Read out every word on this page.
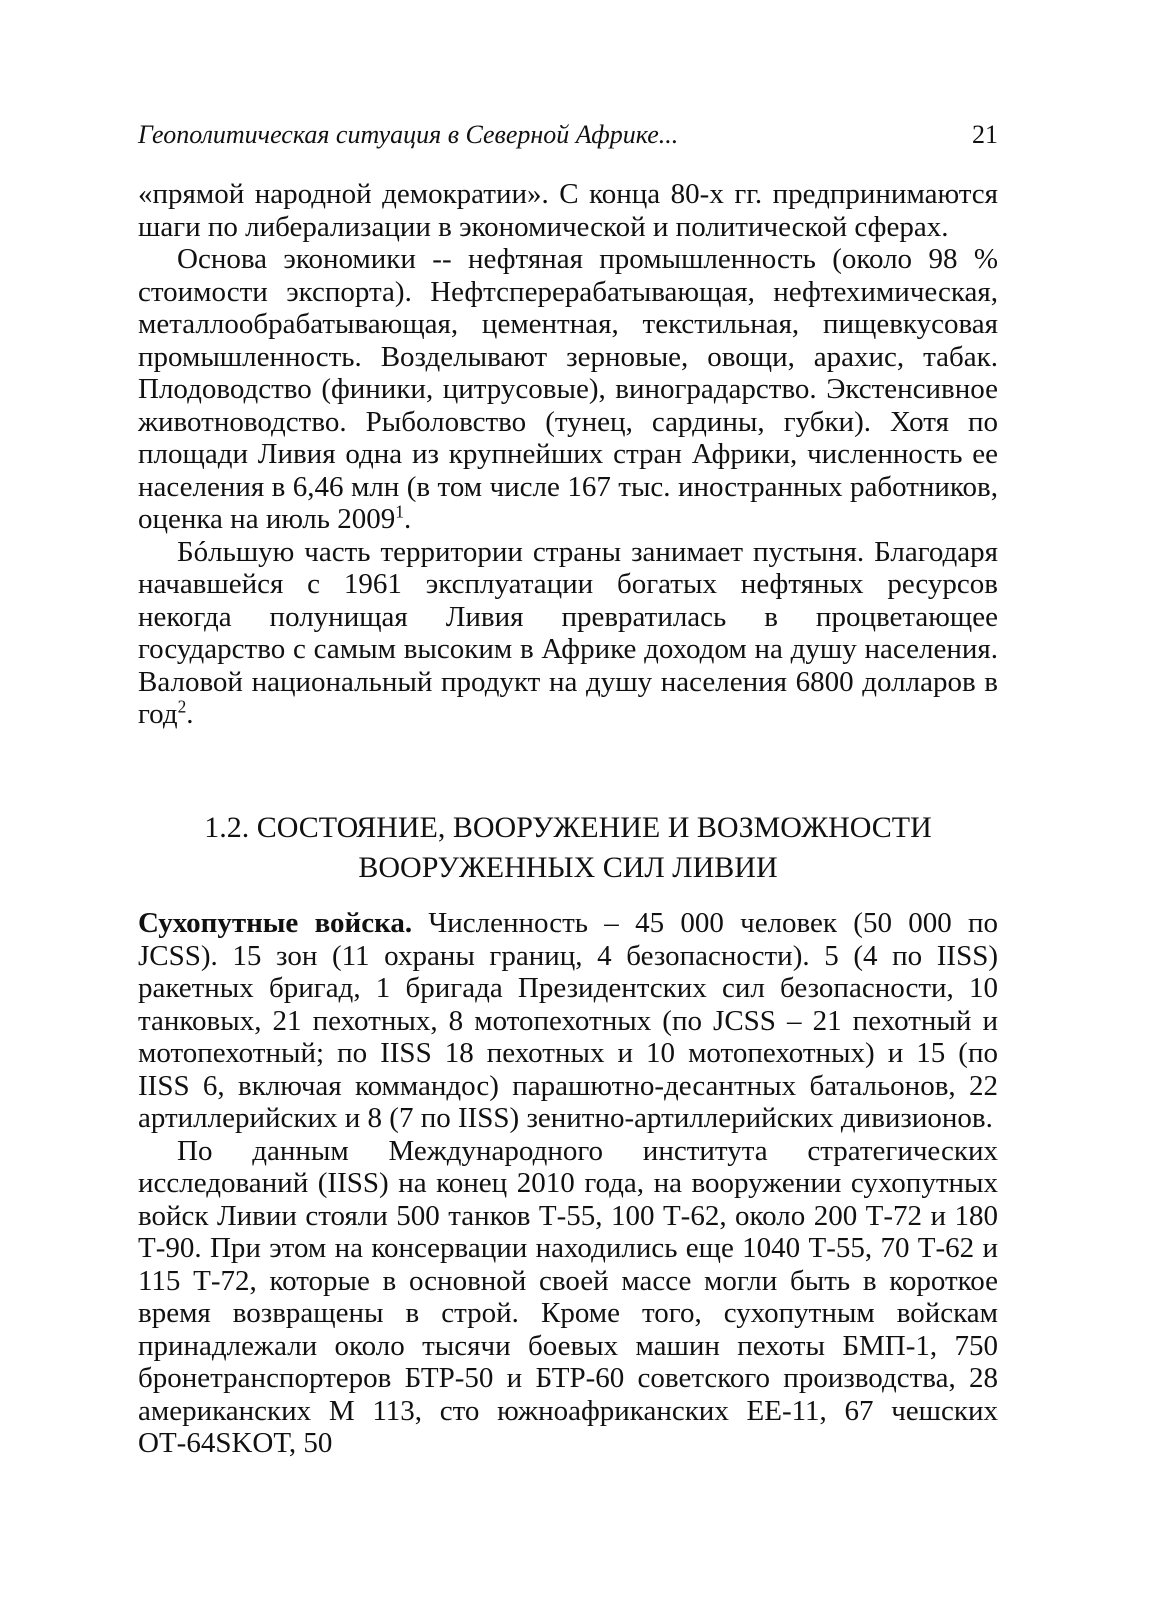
Геополитическая ситуация в Северной Африке...	21

«прямой народной демократии». С конца 80-х гг. предпринимаются шаги по либерализации в экономической и политической сферах.

Основа экономики -- нефтяная промышленность (около 98 % стоимости экспорта). Нефтсперерабатывающая, нефтехимическая, металлообрабатывающая, цементная, текстильная, пищевкусовая промышленность. Возделывают зерновые, овощи, арахис, табак. Плодоводство (финики, цитрусовые), виноградарство. Экстенсивное животноводство. Рыболовство (тунец, сардины, губки). Хотя по площади Ливия одна из крупнейших стран Африки, численность ее населения в 6,46 млн (в том числе 167 тыс. иностранных работников, оценка на июль 2009$^1$.

Бóльшую часть территории страны занимает пустыня. Благодаря начавшейся с 1961 эксплуатации богатых нефтяных ресурсов некогда полунищая Ливия превратилась в процветающее государство с самым высоким в Африке доходом на душу населения. Валовой национальный продукт на душу населения 6800 долларов в год$^2$.

1.2. СОСТОЯНИЕ, ВООРУЖЕНИЕ И ВОЗМОЖНОСТИ
ВООРУЖЕННЫХ СИЛ ЛИВИИ

Сухопутные войска. Численность – 45 000 человек (50 000 по JCSS). 15 зон (11 охраны границ, 4 безопасности). 5 (4 по IISS) ракетных бригад, 1 бригада Президентских сил безопасности, 10 танковых, 21 пехотных, 8 мотопехотных (по JCSS – 21 пехотный и мотопехотный; по IISS 18 пехотных и 10 мотопехотных) и 15 (по IISS 6, включая коммандос) парашютно-десантных батальонов, 22 артиллерийских и 8 (7 по IISS) зенитно-артиллерийских дивизионов.

По данным Международного института стратегических исследований (IISS) на конец 2010 года, на вооружении сухопутных войск Ливии стояли 500 танков Т-55, 100 Т-62, около 200 Т-72 и 180 Т-90. При этом на консервации находились еще 1040 Т-55, 70 Т-62 и 115 Т-72, которые в основной своей массе могли быть в короткое время возвращены в строй. Кроме того, сухопутным войскам принадлежали около тысячи боевых машин пехоты БМП-1, 750 бронетранспортеров БТР-50 и БТР-60 советского производства, 28 американских М 113, сто южноафриканских ЕЕ-11, 67 чешских ОТ-64SKOT, 50
